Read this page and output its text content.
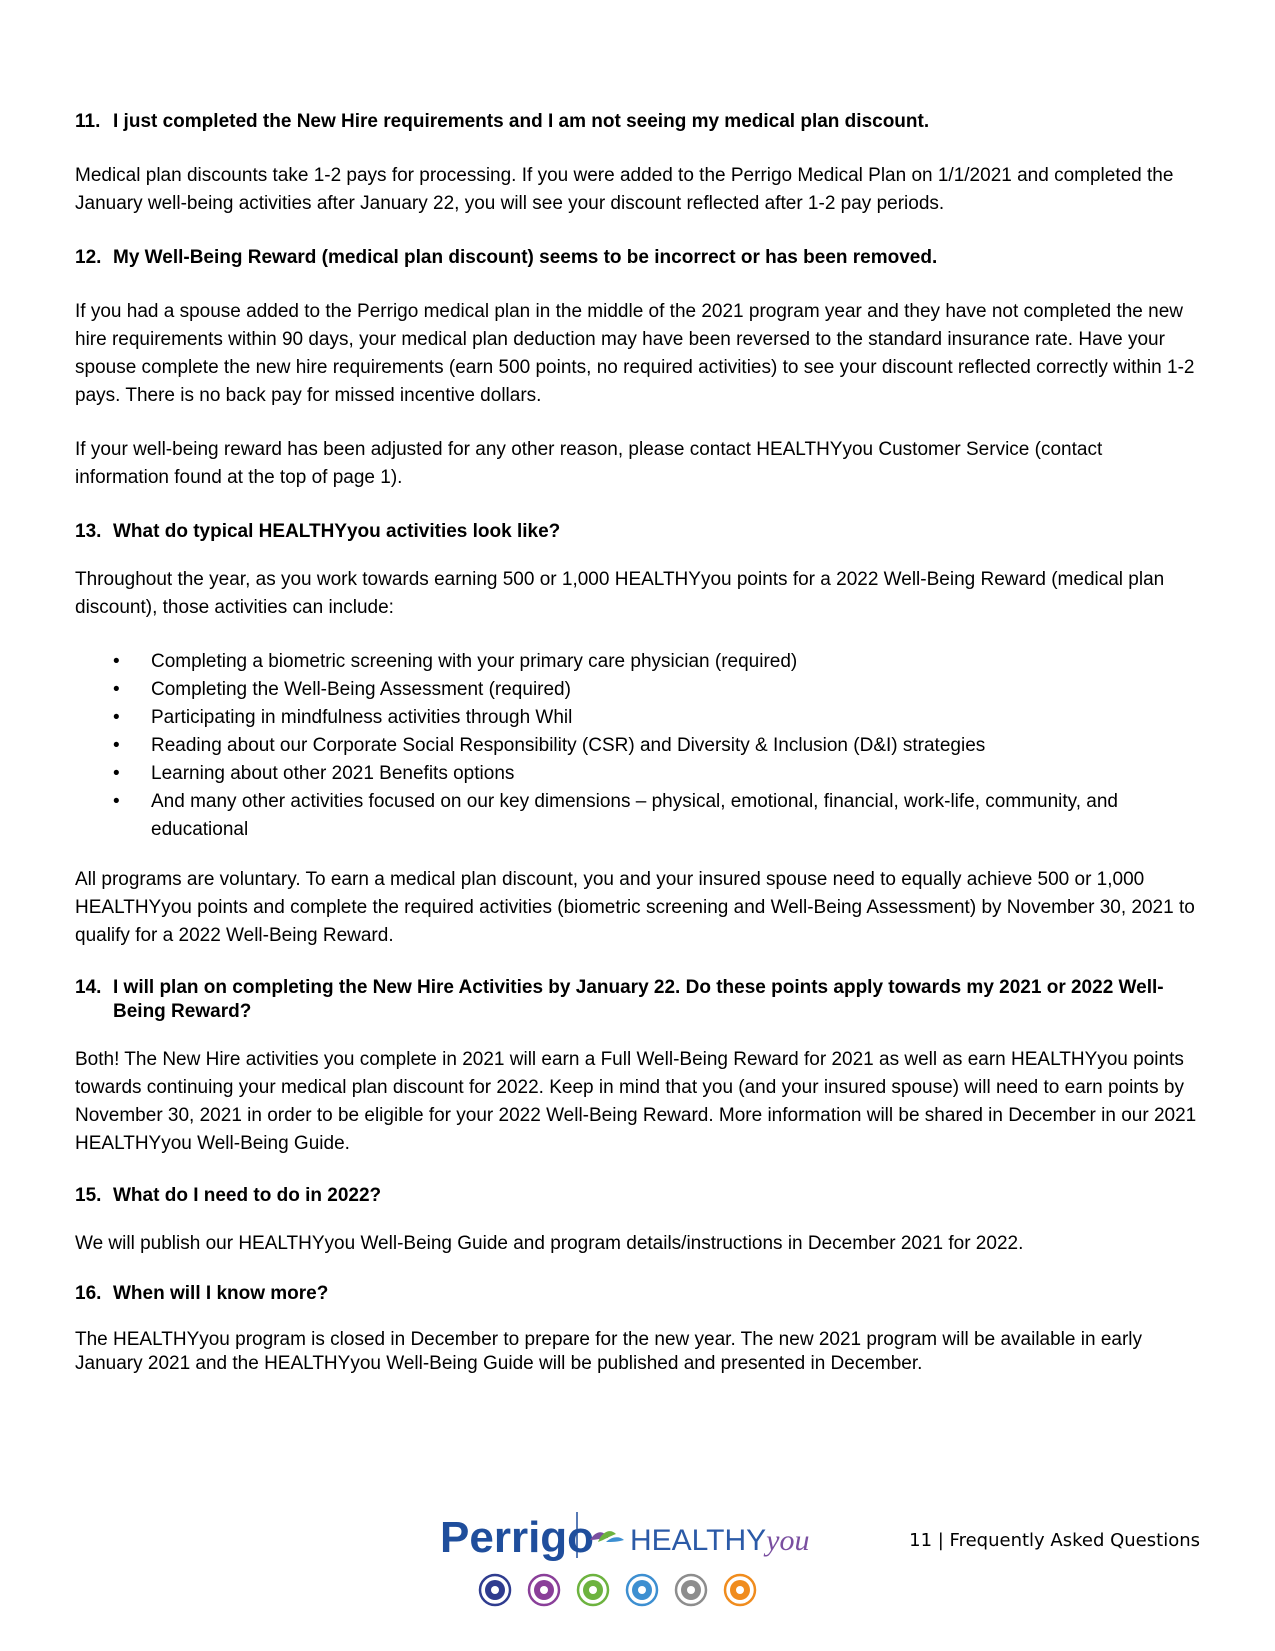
11. I just completed the New Hire requirements and I am not seeing my medical plan discount.

Medical plan discounts take 1-2 pays for processing. If you were added to the Perrigo Medical Plan on 1/1/2021 and completed the January well-being activities after January 22, you will see your discount reflected after 1-2 pay periods.

12. My Well-Being Reward (medical plan discount) seems to be incorrect or has been removed.

If you had a spouse added to the Perrigo medical plan in the middle of the 2021 program year and they have not completed the new hire requirements within 90 days, your medical plan deduction may have been reversed to the standard insurance rate. Have your spouse complete the new hire requirements (earn 500 points, no required activities) to see your discount reflected correctly within 1-2 pays. There is no back pay for missed incentive dollars.

If your well-being reward has been adjusted for any other reason, please contact HEALTHYyou Customer Service (contact information found at the top of page 1).

13. What do typical HEALTHYyou activities look like?

Throughout the year, as you work towards earning 500 or 1,000 HEALTHYyou points for a 2022 Well-Being Reward (medical plan discount), those activities can include:

•	Completing a biometric screening with your primary care physician (required)
•	Completing the Well-Being Assessment (required)
•	Participating in mindfulness activities through Whil
•	Reading about our Corporate Social Responsibility (CSR) and Diversity & Inclusion (D&I) strategies
•	Learning about other 2021 Benefits options
•	And many other activities focused on our key dimensions – physical, emotional, financial, work-life, community, and educational

All programs are voluntary. To earn a medical plan discount, you and your insured spouse need to equally achieve 500 or 1,000 HEALTHYyou points and complete the required activities (biometric screening and Well-Being Assessment) by November 30, 2021 to qualify for a 2022 Well-Being Reward.

14. I will plan on completing the New Hire Activities by January 22. Do these points apply towards my 2021 or 2022 Well-Being Reward?

Both! The New Hire activities you complete in 2021 will earn a Full Well-Being Reward for 2021 as well as earn HEALTHYyou points towards continuing your medical plan discount for 2022. Keep in mind that you (and your insured spouse) will need to earn points by November 30, 2021 in order to be eligible for your 2022 Well-Being Reward. More information will be shared in December in our 2021 HEALTHYyou Well-Being Guide.

15. What do I need to do in 2022?

We will publish our HEALTHYyou Well-Being Guide and program details/instructions in December 2021 for 2022.

16. When will I know more?

The HEALTHYyou program is closed in December to prepare for the new year. The new 2021 program will be available in early January 2021 and the HEALTHYyou Well-Being Guide will be published and presented in December.

Perrigo HEALTHYyou	11 | Frequently Asked Questions
